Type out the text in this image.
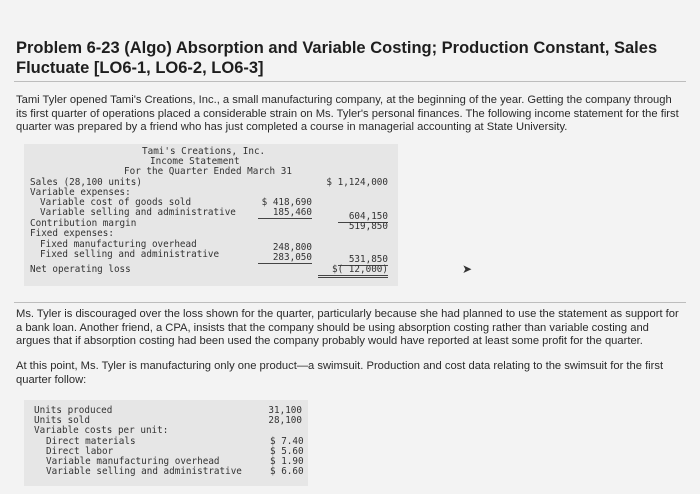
Problem 6-23 (Algo) Absorption and Variable Costing; Production Constant, Sales Fluctuate [LO6-1, LO6-2, LO6-3]
Tami Tyler opened Tami's Creations, Inc., a small manufacturing company, at the beginning of the year. Getting the company through its first quarter of operations placed a considerable strain on Ms. Tyler's personal finances. The following income statement for the first quarter was prepared by a friend who has just completed a course in managerial accounting at State University.
Tami's Creations, Inc.
Income Statement
For the Quarter Ended March 31
Sales (28,100 units)	$ 1,124,000
Variable expenses:
Variable cost of goods sold	$ 418,690
Variable selling and administrative	185,460	604,150
Contribution margin	519,850
Fixed expenses:
Fixed manufacturing overhead	248,800
Fixed selling and administrative	283,050	531,850
Net operating loss	$( 12,000)	➤
Ms. Tyler is discouraged over the loss shown for the quarter, particularly because she had planned to use the statement as support for a bank loan. Another friend, a CPA, insists that the company should be using absorption costing rather than variable costing and argues that if absorption costing had been used the company probably would have reported at least some profit for the quarter.
At this point, Ms. Tyler is manufacturing only one product—a swimsuit. Production and cost data relating to the swimsuit for the first quarter follow:
Units produced	31,100
Units sold	28,100
Variable costs per unit:
Direct materials	$ 7.40
Direct labor	$ 5.60
Variable manufacturing overhead	$ 1.90
Variable selling and administrative	$ 6.60
